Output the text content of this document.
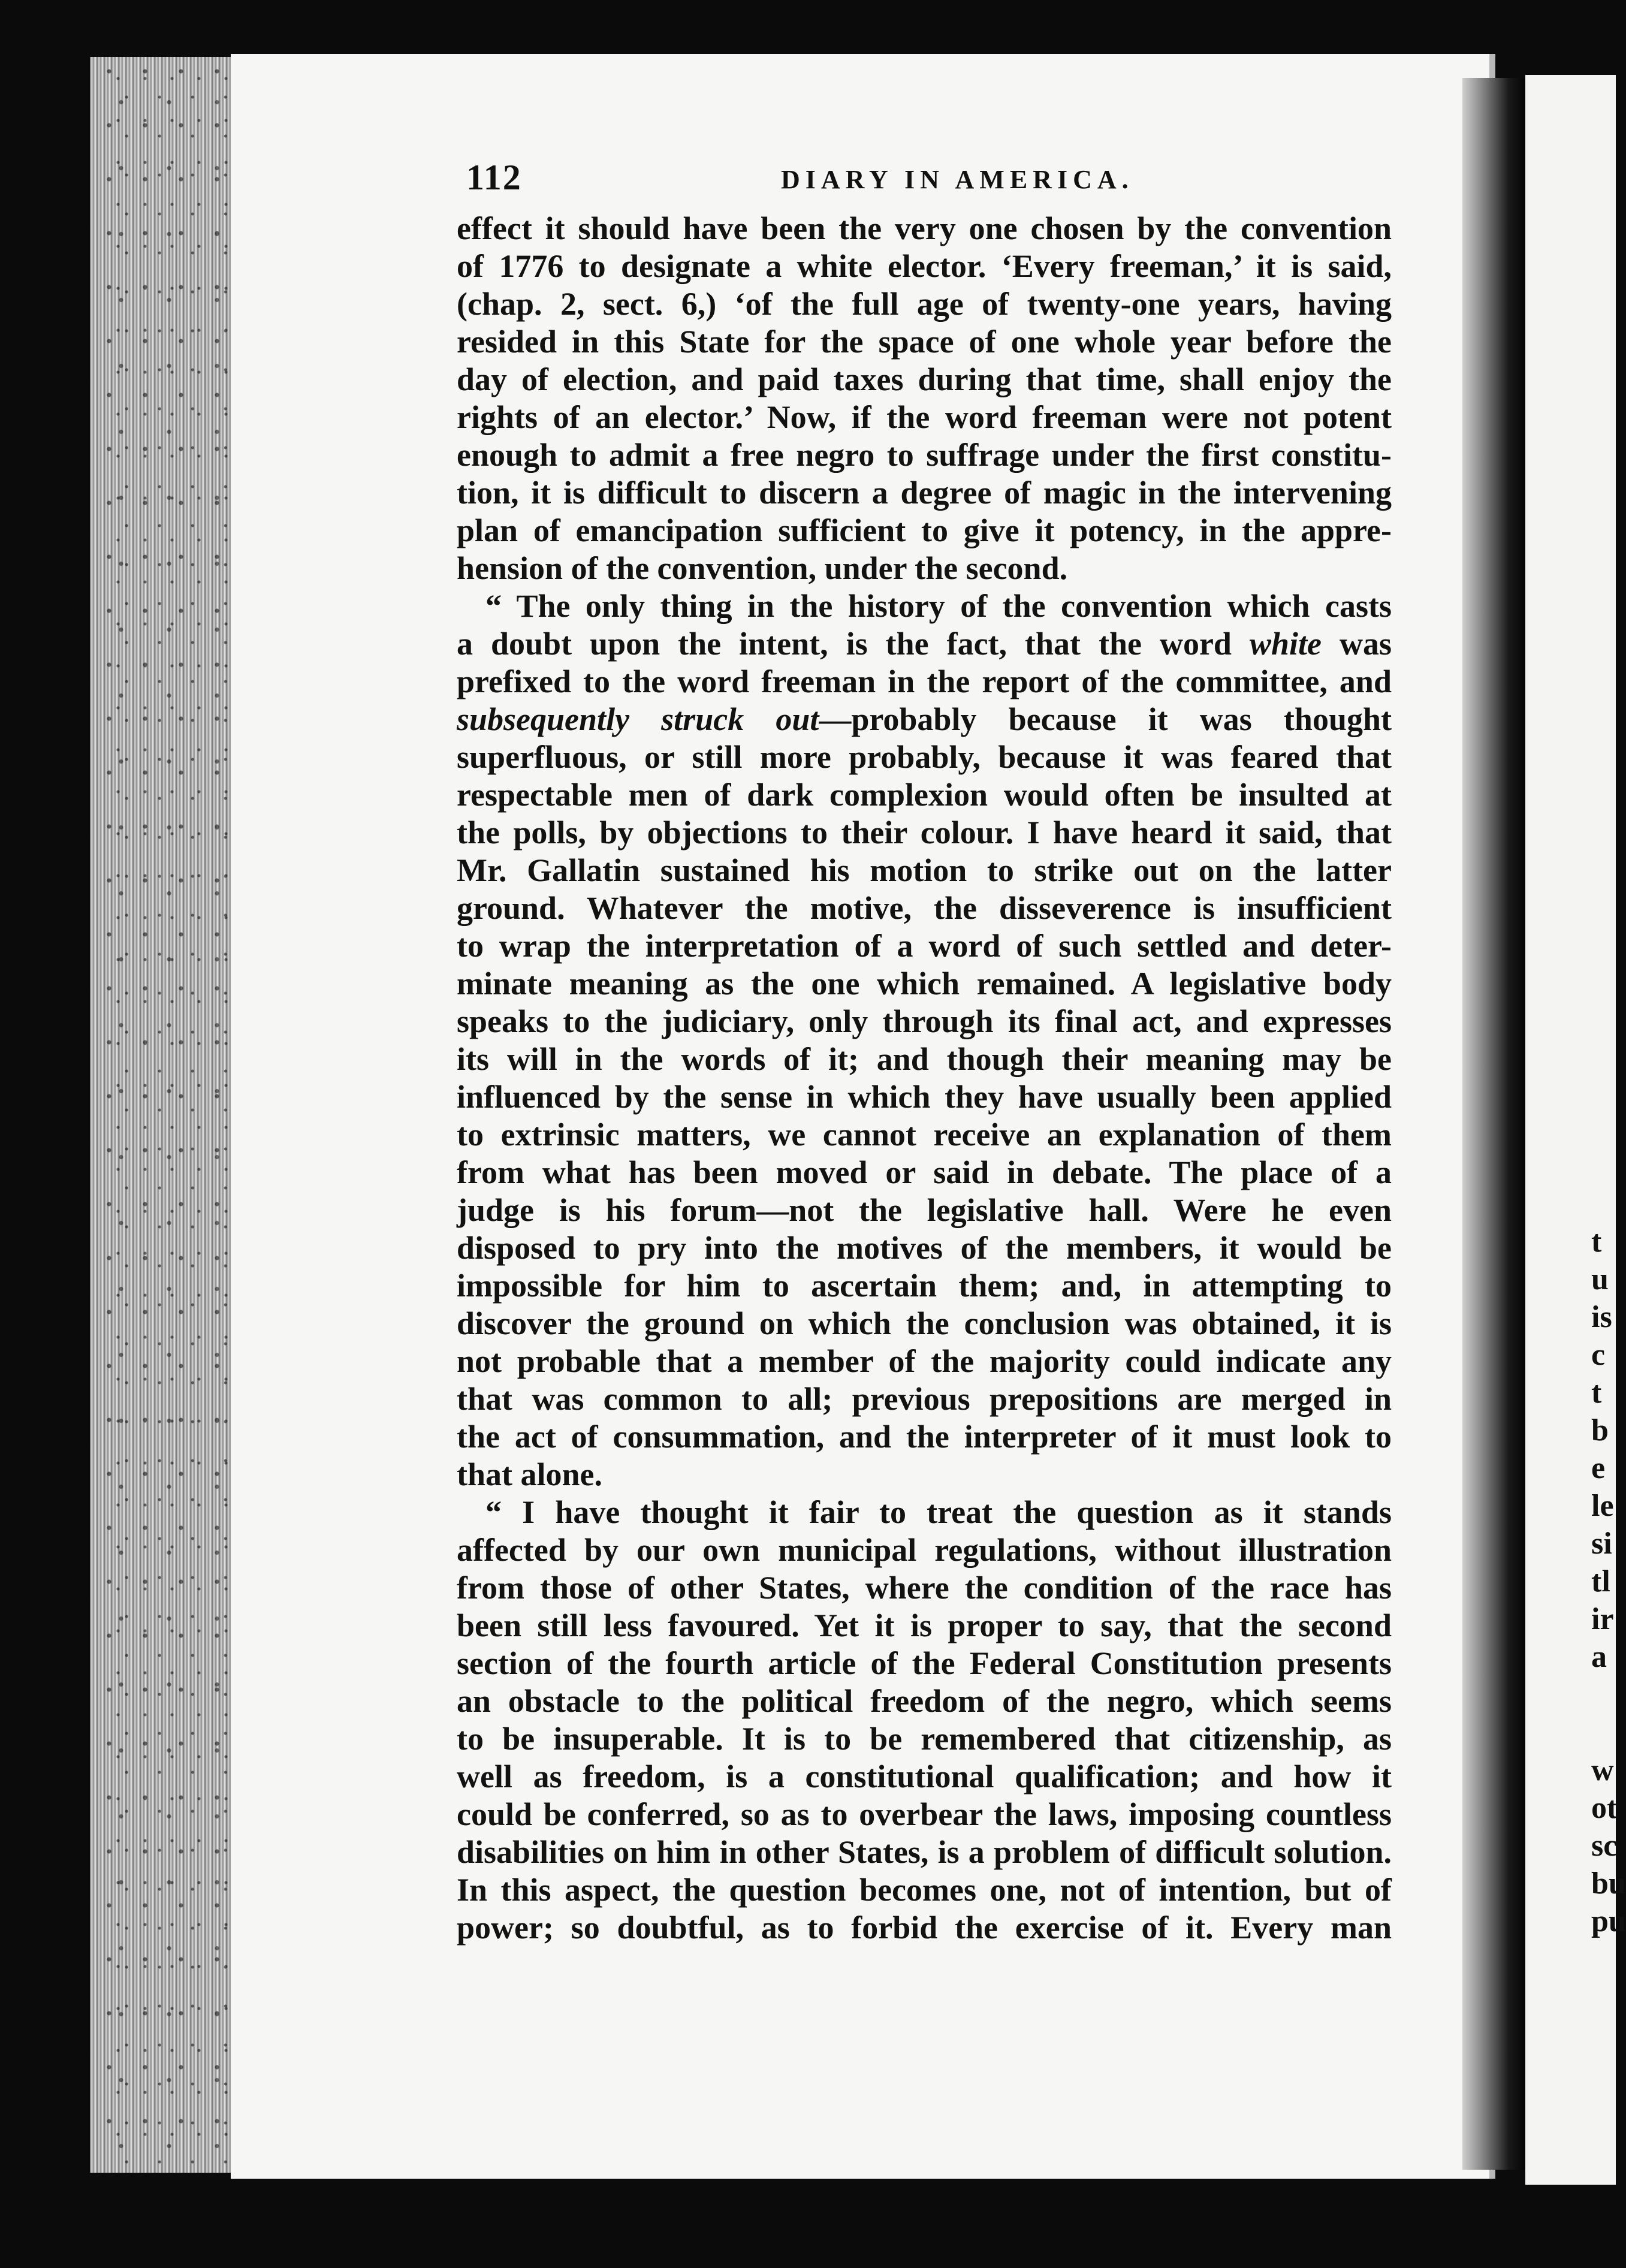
112	DIARY IN AMERICA.
effect it should have been the very one chosen by the convention
of 1776 to designate a white elector. ‘Every freeman,’ it is said,
(chap. 2, sect. 6,) ‘of the full age of twenty-one years, having
resided in this State for the space of one whole year before the
day of election, and paid taxes during that time, shall enjoy the
rights of an elector.’ Now, if the word freeman were not potent
enough to admit a free negro to suffrage under the first constitu-
tion, it is difficult to discern a degree of magic in the intervening
plan of emancipation sufficient to give it potency, in the appre-
hension of the convention, under the second.
“ The only thing in the history of the convention which casts
a doubt upon the intent, is the fact, that the word white was
prefixed to the word freeman in the report of the committee, and
subsequently struck out—probably because it was thought
superfluous, or still more probably, because it was feared that
respectable men of dark complexion would often be insulted at
the polls, by objections to their colour. I have heard it said, that
Mr. Gallatin sustained his motion to strike out on the latter
ground. Whatever the motive, the disseverence is insufficient
to wrap the interpretation of a word of such settled and deter-
minate meaning as the one which remained. A legislative body
speaks to the judiciary, only through its final act, and expresses
its will in the words of it; and though their meaning may be
influenced by the sense in which they have usually been applied
to extrinsic matters, we cannot receive an explanation of them
from what has been moved or said in debate. The place of a
judge is his forum—not the legislative hall. Were he even
disposed to pry into the motives of the members, it would be
impossible for him to ascertain them; and, in attempting to
discover the ground on which the conclusion was obtained, it is
not probable that a member of the majority could indicate any
that was common to all; previous prepositions are merged in
the act of consummation, and the interpreter of it must look to
that alone.
“ I have thought it fair to treat the question as it stands
affected by our own municipal regulations, without illustration
from those of other States, where the condition of the race has
been still less favoured. Yet it is proper to say, that the second
section of the fourth article of the Federal Constitution presents
an obstacle to the political freedom of the negro, which seems
to be insuperable. It is to be remembered that citizenship, as
well as freedom, is a constitutional qualification; and how it
could be conferred, so as to overbear the laws, imposing countless
disabilities on him in other States, is a problem of difficult solution.
In this aspect, the question becomes one, not of intention, but of
power; so doubtful, as to forbid the exercise of it. Every man
t
u
is
c
t
b
e
le
si
tl
ir
a

w
ot
sc
bu
pu
